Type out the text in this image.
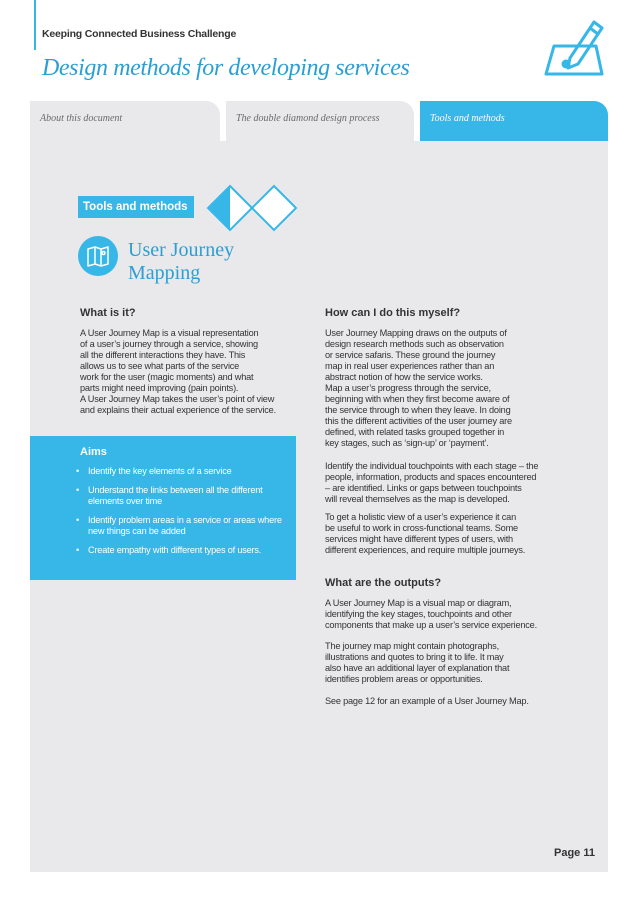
Keeping Connected Business Challenge
Design methods for developing services
About this document	The double diamond design process	Tools and methods
Tools and methods
User Journey
Mapping
What is it?
A User Journey Map is a visual representation
of a user’s journey through a service, showing
all the different interactions they have. This
allows us to see what parts of the service
work for the user (magic moments) and what
parts might need improving (pain points).
A User Journey Map takes the user’s point of view
and explains their actual experience of the service.
Aims
• Identify the key elements of a service
• Understand the links between all the different elements over time
• Identify problem areas in a service or areas where new things can be added
• Create empathy with different types of users.
How can I do this myself?
User Journey Mapping draws on the outputs of
design research methods such as observation
or service safaris. These ground the journey
map in real user experiences rather than an
abstract notion of how the service works.
Map a user’s progress through the service,
beginning with when they first become aware of
the service through to when they leave. In doing
this the different activities of the user journey are
defined, with related tasks grouped together in
key stages, such as ‘sign-up’ or ‘payment’.
Identify the individual touchpoints with each stage – the
people, information, products and spaces encountered
– are identified. Links or gaps between touchpoints
will reveal themselves as the map is developed.
To get a holistic view of a user’s experience it can
be useful to work in cross-functional teams. Some
services might have different types of users, with
different experiences, and require multiple journeys.
What are the outputs?
A User Journey Map is a visual map or diagram,
identifying the key stages, touchpoints and other
components that make up a user’s service experience.
The journey map might contain photographs,
illustrations and quotes to bring it to life. It may
also have an additional layer of explanation that
identifies problem areas or opportunities.
See page 12 for an example of a User Journey Map.
Page 11
